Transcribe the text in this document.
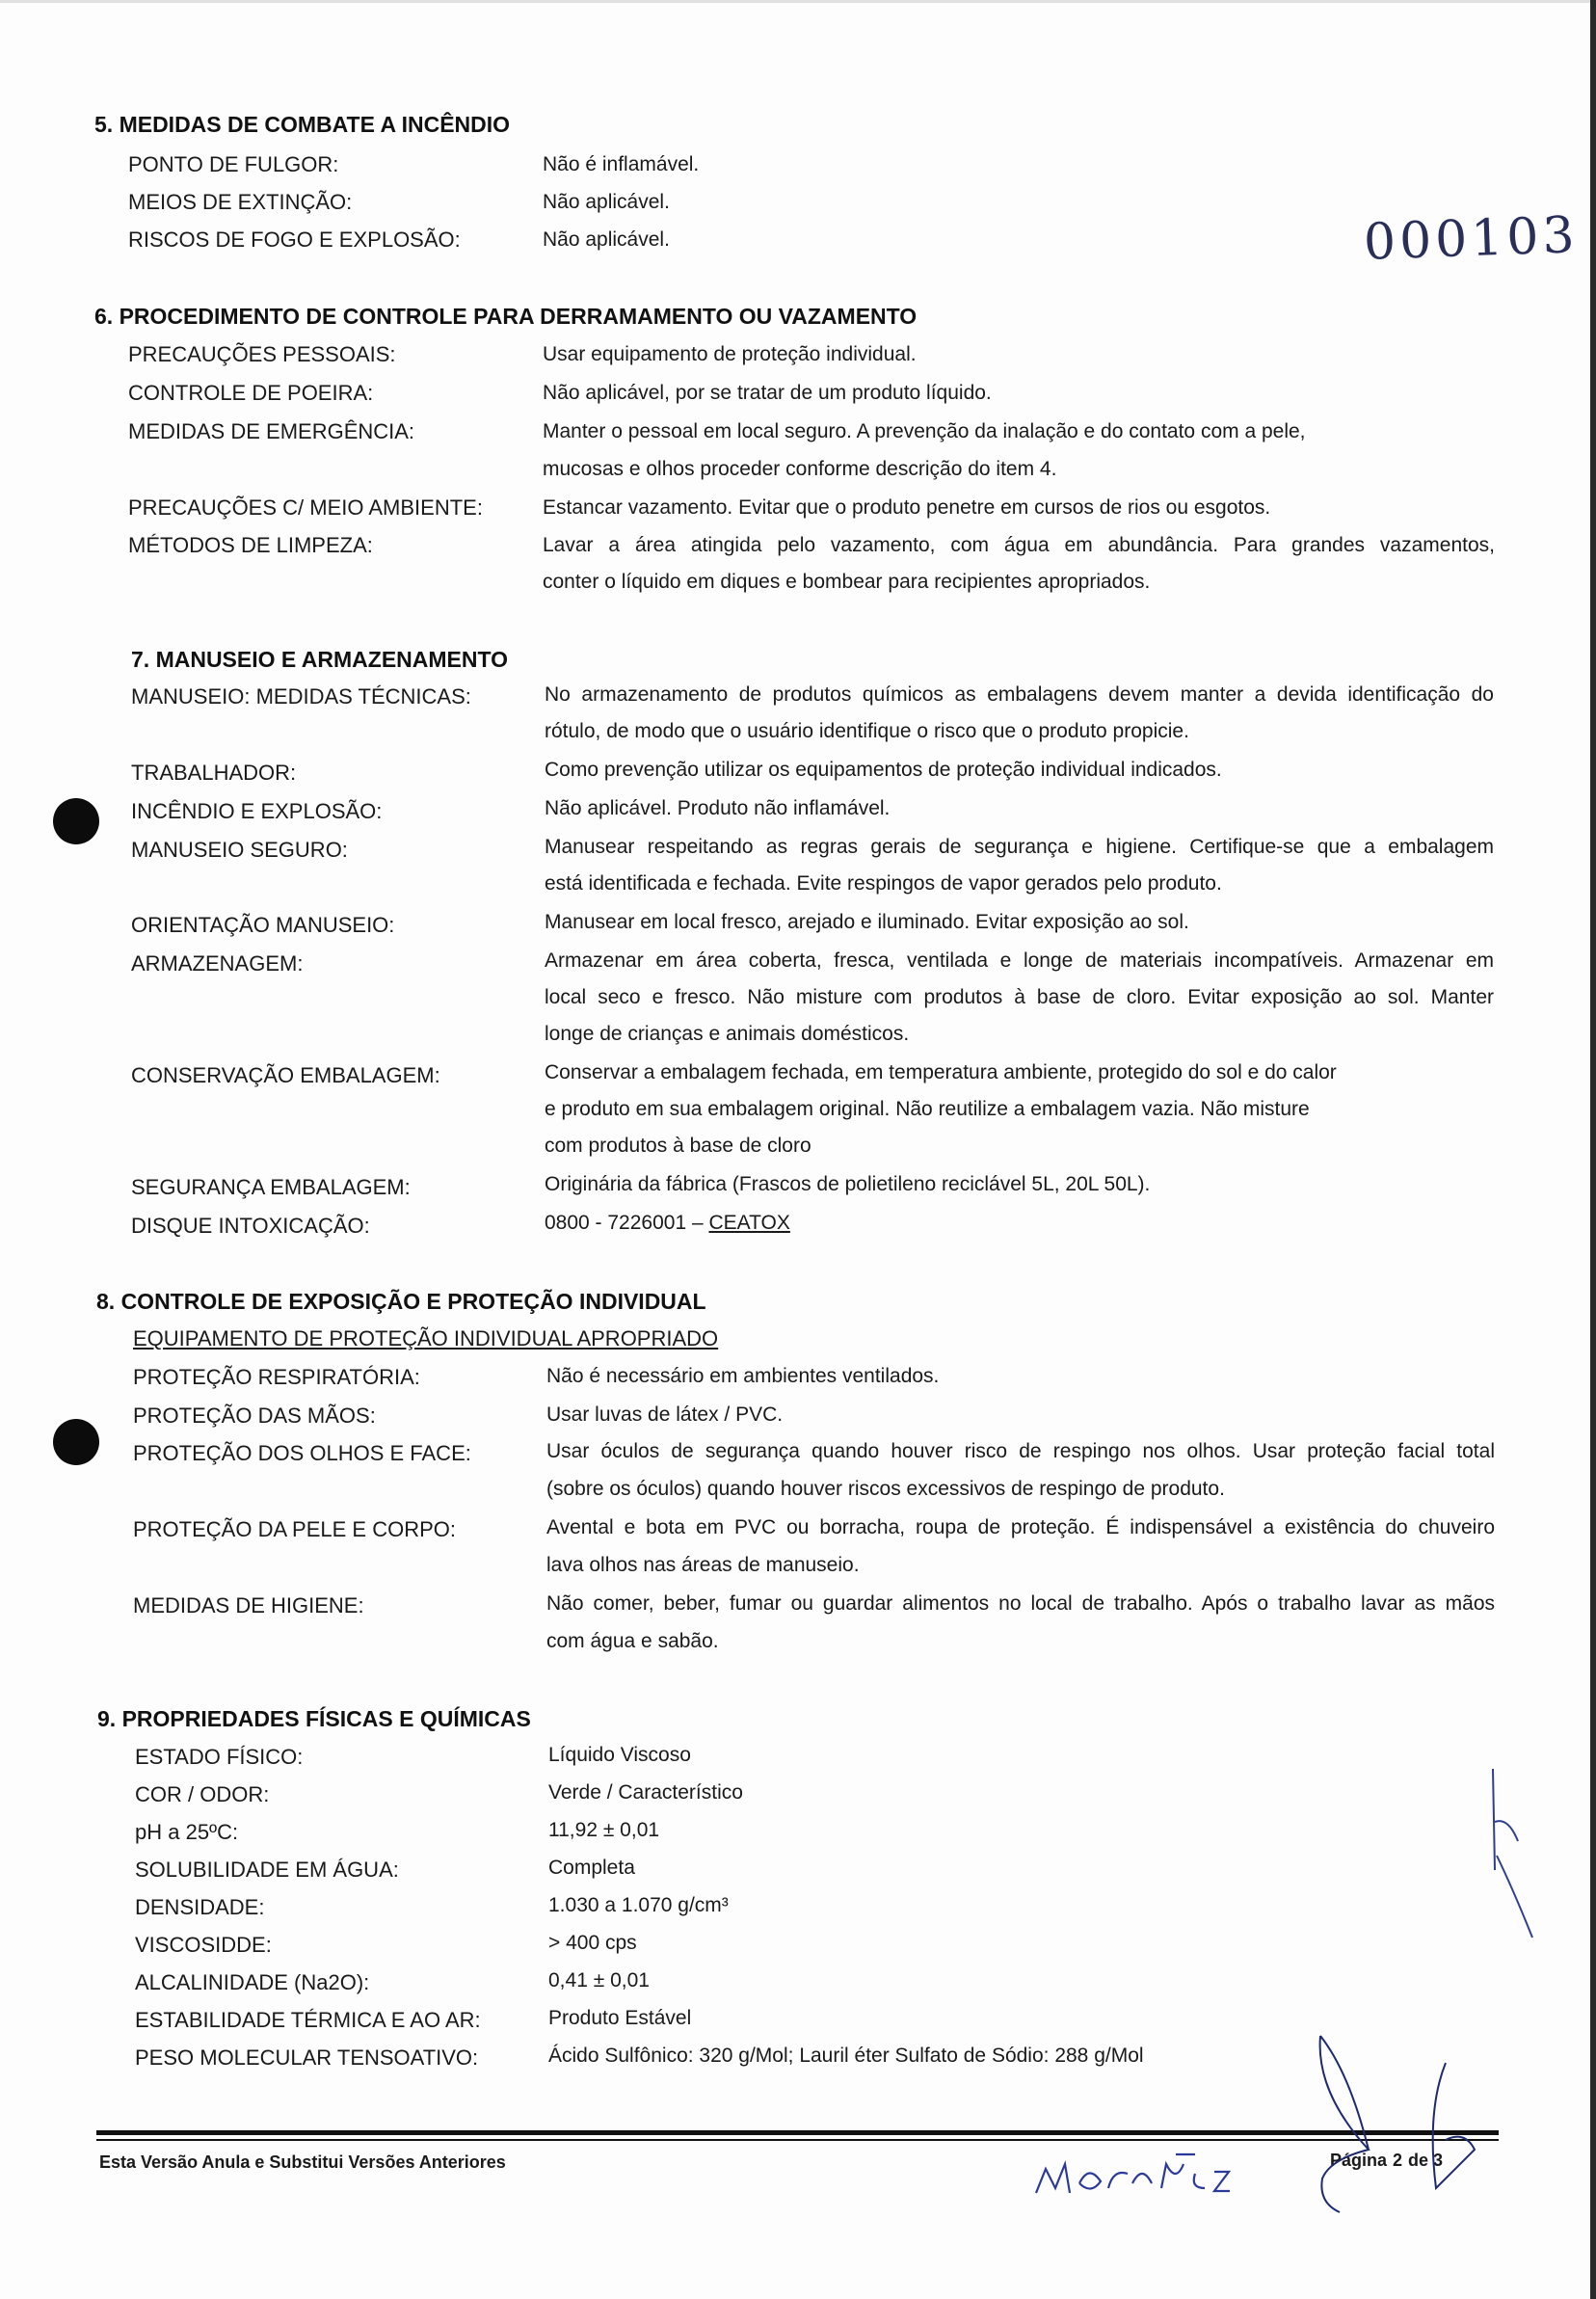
000103
5. MEDIDAS DE COMBATE A INCÊNDIO
PONTO DE FULGOR:	Não é inflamável.
MEIOS DE EXTINÇÃO:	Não aplicável.
RISCOS DE FOGO E EXPLOSÃO:	Não aplicável.
6. PROCEDIMENTO DE CONTROLE PARA DERRAMAMENTO OU VAZAMENTO
PRECAUÇÕES PESSOAIS:	Usar equipamento de proteção individual.
CONTROLE DE POEIRA:	Não aplicável, por se tratar de um produto líquido.
MEDIDAS DE EMERGÊNCIA:	Manter o pessoal em local seguro. A prevenção da inalação e do contato com a pele,
mucosas e olhos proceder conforme descrição do item 4.
PRECAUÇÕES C/ MEIO AMBIENTE:	Estancar vazamento. Evitar que o produto penetre em cursos de rios ou esgotos.
MÉTODOS DE LIMPEZA:	Lavar a área atingida pelo vazamento, com água em abundância. Para grandes vazamentos,
conter o líquido em diques e bombear para recipientes apropriados.
7. MANUSEIO E ARMAZENAMENTO
MANUSEIO: MEDIDAS TÉCNICAS:	No armazenamento de produtos químicos as embalagens devem manter a devida identificação do
rótulo, de modo que o usuário identifique o risco que o produto propicie.
TRABALHADOR:	Como prevenção utilizar os equipamentos de proteção individual indicados.
INCÊNDIO E EXPLOSÃO:	Não aplicável. Produto não inflamável.
MANUSEIO SEGURO:	Manusear respeitando as regras gerais de segurança e higiene. Certifique-se que a embalagem
está identificada e fechada. Evite respingos de vapor gerados pelo produto.
ORIENTAÇÃO MANUSEIO:	Manusear em local fresco, arejado e iluminado. Evitar exposição ao sol.
ARMAZENAGEM:	Armazenar em área coberta, fresca, ventilada e longe de materiais incompatíveis. Armazenar em
local seco e fresco. Não misture com produtos à base de cloro. Evitar exposição ao sol. Manter
longe de crianças e animais domésticos.
CONSERVAÇÃO EMBALAGEM:	Conservar a embalagem fechada, em temperatura ambiente, protegido do sol e do calor
e produto em sua embalagem original. Não reutilize a embalagem vazia. Não misture
com produtos à base de cloro
SEGURANÇA EMBALAGEM:	Originária da fábrica (Frascos de polietileno reciclável 5L, 20L 50L).
DISQUE INTOXICAÇÃO:	0800 - 7226001 – CEATOX
8. CONTROLE DE EXPOSIÇÃO E PROTEÇÃO INDIVIDUAL
EQUIPAMENTO DE PROTEÇÃO INDIVIDUAL APROPRIADO
PROTEÇÃO RESPIRATÓRIA:	Não é necessário em ambientes ventilados.
PROTEÇÃO DAS MÃOS:	Usar luvas de látex / PVC.
PROTEÇÃO DOS OLHOS E FACE:	Usar óculos de segurança quando houver risco de respingo nos olhos. Usar proteção facial total
(sobre os óculos) quando houver riscos excessivos de respingo de produto.
PROTEÇÃO DA PELE E CORPO:	Avental e bota em PVC ou borracha, roupa de proteção. É indispensável a existência do chuveiro
lava olhos nas áreas de manuseio.
MEDIDAS DE HIGIENE:	Não comer, beber, fumar ou guardar alimentos no local de trabalho. Após o trabalho lavar as mãos
com água e sabão.
9. PROPRIEDADES FÍSICAS E QUÍMICAS
ESTADO FÍSICO:	Líquido Viscoso
COR / ODOR:	Verde / Característico
pH a 25ºC:	11,92 ± 0,01
SOLUBILIDADE EM ÁGUA:	Completa
DENSIDADE:	1.030 a 1.070 g/cm³
VISCOSIDDE:	> 400 cps
ALCALINIDADE (Na2O):	0,41 ± 0,01
ESTABILIDADE TÉRMICA E AO AR:	Produto Estável
PESO MOLECULAR TENSOATIVO:	Ácido Sulfônico: 320 g/Mol; Lauril éter Sulfato de Sódio: 288 g/Mol
Esta Versão Anula e Substitui Versões Anteriores	Página 2 de 3
MORENO
